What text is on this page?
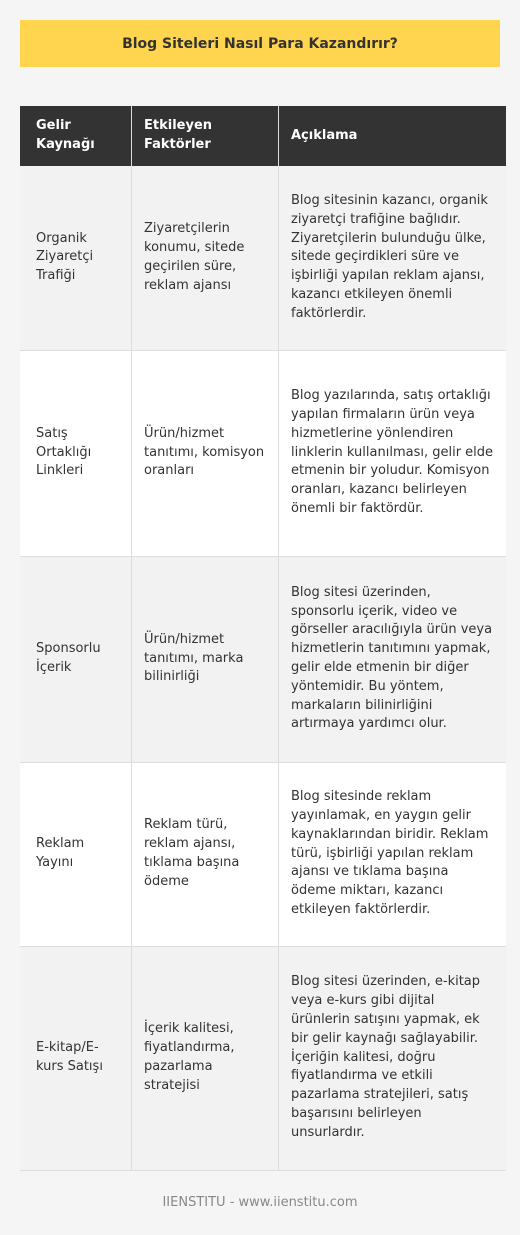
Blog Siteleri Nasıl Para Kazandırır?
Gelir Kaynağı	Etkileyen Faktörler	Açıklama
Organik Ziyaretçi Trafiği	Ziyaretçilerin konumu, sitede geçirilen süre, reklam ajansı	Blog sitesinin kazancı, organik ziyaretçi trafiğine bağlıdır. Ziyaretçilerin bulunduğu ülke, sitede geçirdikleri süre ve işbirliği yapılan reklam ajansı, kazancı etkileyen önemli faktörlerdir.
Satış Ortaklığı Linkleri	Ürün/hizmet tanıtımı, komisyon oranları	Blog yazılarında, satış ortaklığı yapılan firmaların ürün veya hizmetlerine yönlendiren linklerin kullanılması, gelir elde etmenin bir yoludur. Komisyon oranları, kazancı belirleyen önemli bir faktördür.
Sponsorlu İçerik	Ürün/hizmet tanıtımı, marka bilinirliği	Blog sitesi üzerinden, sponsorlu içerik, video ve görseller aracılığıyla ürün veya hizmetlerin tanıtımını yapmak, gelir elde etmenin bir diğer yöntemidir. Bu yöntem, markaların bilinirliğini artırmaya yardımcı olur.
Reklam Yayını	Reklam türü, reklam ajansı, tıklama başına ödeme	Blog sitesinde reklam yayınlamak, en yaygın gelir kaynaklarından biridir. Reklam türü, işbirliği yapılan reklam ajansı ve tıklama başına ödeme miktarı, kazancı etkileyen faktörlerdir.
E-kitap/E-kurs Satışı	İçerik kalitesi, fiyatlandırma, pazarlama stratejisi	Blog sitesi üzerinden, e-kitap veya e-kurs gibi dijital ürünlerin satışını yapmak, ek bir gelir kaynağı sağlayabilir. İçeriğin kalitesi, doğru fiyatlandırma ve etkili pazarlama stratejileri, satış başarısını belirleyen unsurlardır.
IIENSTITU - www.iienstitu.com
